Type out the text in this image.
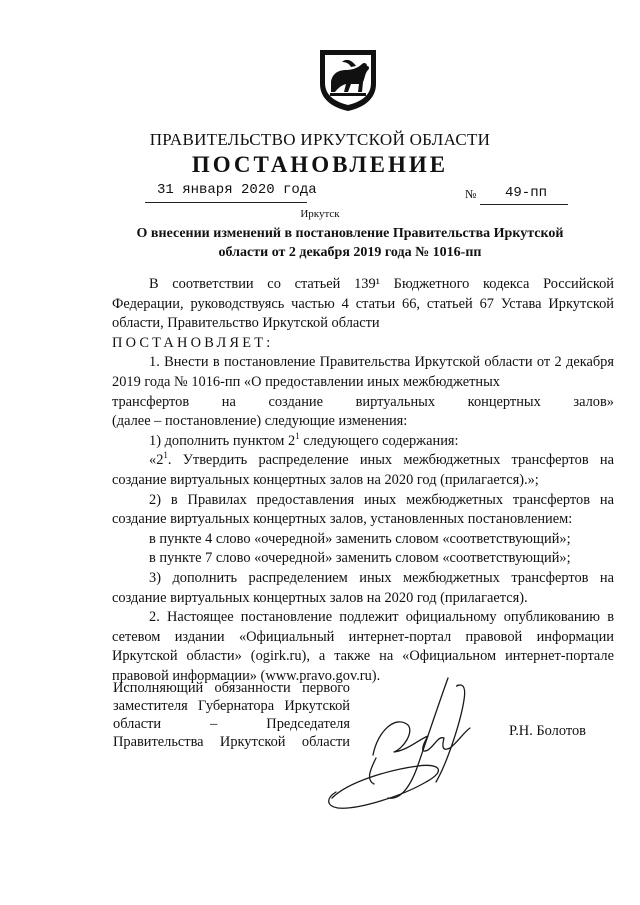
ПРАВИТЕЛЬСТВО ИРКУТСКОЙ ОБЛАСТИ
ПОСТАНОВЛЕНИЕ
31 января 2020 года	№ 49-пп
Иркутск
О внесении изменений в постановление Правительства Иркутской
области от 2 декабря 2019 года № 1016-пп

В соответствии со статьей 139¹ Бюджетного кодекса Российской Федерации, руководствуясь частью 4 статьи 66, статьей 67 Устава Иркутской области, Правительство Иркутской области

ПОСТАНОВЛЯЕТ:

1. Внести в постановление Правительства Иркутской области от 2 декабря 2019 года № 1016-пп «О предоставлении иных межбюджетных

трансфертов на создание виртуальных концертных залов»

(далее – постановление) следующие изменения:

1) дополнить пунктом $2^1$ следующего содержания:

«$2^1$. Утвердить распределение иных межбюджетных трансфертов на создание виртуальных концертных залов на 2020 год (прилагается).»;

2) в Правилах предоставления иных межбюджетных трансфертов на создание виртуальных концертных залов, установленных постановлением:

в пункте 4 слово «очередной» заменить словом «соответствующий»;

в пункте 7 слово «очередной» заменить словом «соответствующий»;

3) дополнить распределением иных межбюджетных трансфертов на создание виртуальных концертных залов на 2020 год (прилагается).

2. Настоящее постановление подлежит официальному опубликованию в сетевом издании «Официальный интернет-портал правовой информации Иркутской области» (ogirk.ru), а также на «Официальном интернет-портале правовой информации» (www.pravo.gov.ru).

Исполняющий обязанности первого
заместителя Губернатора Иркутской
области – Председателя
Правительства Иркутской области
Р.Н. Болотов
